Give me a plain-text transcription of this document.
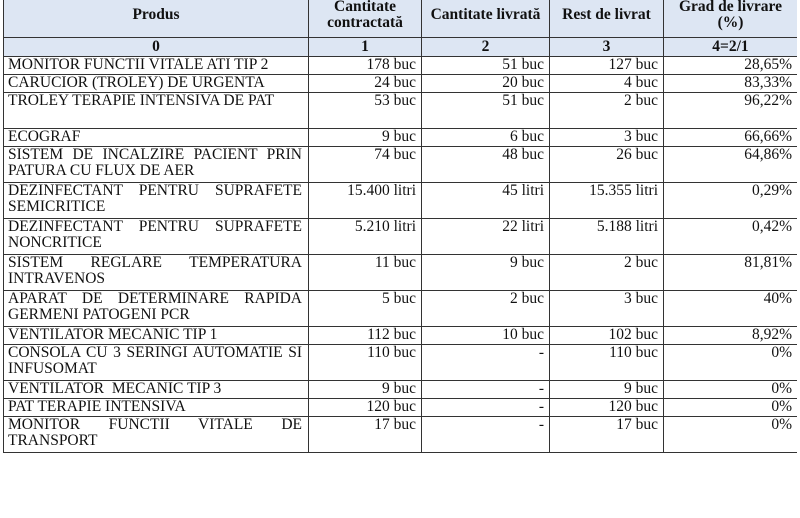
Produs	Cantitate contractată	Cantitate livrată	Rest de livrat	Grad de livrare (%)
0	1	2	3	4=2/1
MONITOR FUNCTII VITALE ATI TIP 2	178 buc	51 buc	127 buc	28,65%
CARUCIOR (TROLEY) DE URGENTA	24 buc	20 buc	4 buc	83,33%
TROLEY TERAPIE INTENSIVA DE PAT	53 buc	51 buc	2 buc	96,22%
ECOGRAF	9 buc	6 buc	3 buc	66,66%
SISTEM DE INCALZIRE PACIENT PRIN PATURA CU FLUX DE AER	74 buc	48 buc	26 buc	64,86%
DEZINFECTANT PENTRU SUPRAFETE SEMICRITICE	15.400 litri	45 litri	15.355 litri	0,29%
DEZINFECTANT PENTRU SUPRAFETE NONCRITICE	5.210 litri	22 litri	5.188 litri	0,42%
SISTEM REGLARE TEMPERATURA INTRAVENOS	11 buc	9 buc	2 buc	81,81%
APARAT DE DETERMINARE RAPIDA GERMENI PATOGENI PCR	5 buc	2 buc	3 buc	40%
VENTILATOR MECANIC TIP 1	112 buc	10 buc	102 buc	8,92%
CONSOLA CU 3 SERINGI AUTOMATIE SI INFUSOMAT	110 buc	-	110 buc	0%
VENTILATOR  MECANIC TIP 3	9 buc	-	9 buc	0%
PAT TERAPIE INTENSIVA	120 buc	-	120 buc	0%
MONITOR FUNCTII VITALE DE TRANSPORT	17 buc	-	17 buc	0%
